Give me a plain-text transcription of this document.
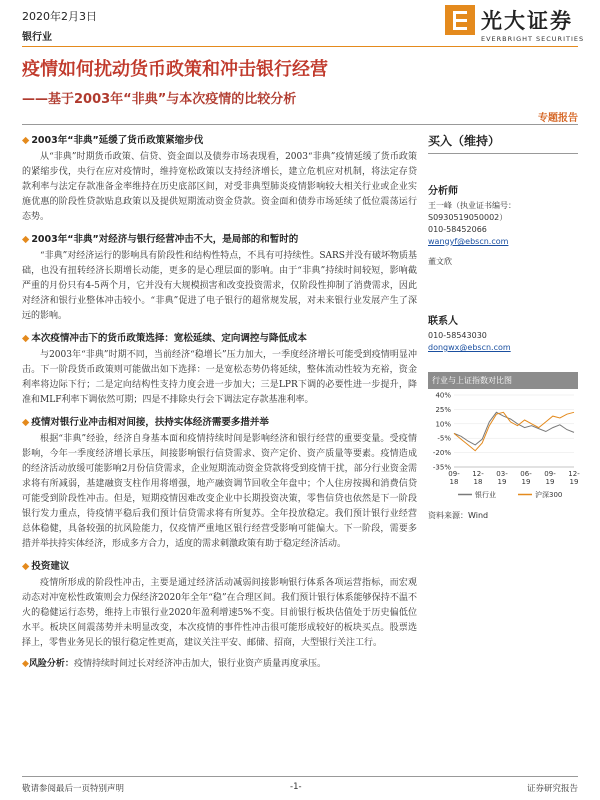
2020年2月3日
银行业
光大证券
EVERBRIGHT SECURITIES
疫情如何扰动货币政策和冲击银行经营
——基于2003年“非典”与本次疫情的比较分析
专题报告
◆ 2003年“非典”延缓了货币政策紧缩步伐

从“非典”时期货币政策、信贷、资金面以及债券市场表现看，2003“非典”疫情延缓了货币政策的紧缩步伐，央行在应对疫情时，维持宽松政策以支持经济增长，建立危机应对机制，将法定存贷款利率与法定存款准备金率维持在历史底部区间，对受非典型肺炎疫情影响较大相关行业或企业实施优惠的阶段性贷款贴息政策以及提供短期流动资金贷款。资金面和债券市场延续了低位震荡运行态势。

◆ 2003年“非典”对经济与银行经营冲击不大，是局部的和暂时的

“非典”对经济运行的影响具有阶段性和结构性特点，不具有可持续性。SARS并没有破坏物质基础，也没有扭转经济长期增长动能，更多的是心理层面的影响。由于“非典”持续时间较短，影响截严重的月份只有4-5两个月，它并没有大规模损害和改变投资需求，仅阶段性抑制了消费需求，因此对经济和银行业整体冲击较小。“非典”促进了电子银行的超常规发展，对未来银行业发展产生了深远的影响。

◆ 本次疫情冲击下的货币政策选择：宽松延续、定向调控与降低成本

与2003年“非典”时期不同，当前经济“稳增长”压力加大，一季度经济增长可能受到疫情明显冲击。下一阶段货币政策则可能做出如下选择：一是宽松态势仍将延续，整体流动性较为充裕，资金利率将边际下行；二是定向结构性支持力度会进一步加大；三是LPR下调的必要性进一步提升，降准和MLF利率下调依然可期；四是不排除央行会下调法定存款基准利率。

◆ 疫情对银行业冲击相对间接，扶持实体经济需要多措并举

根据“非典”经验，经济自身基本面和疫情持续时间是影响经济和银行经营的重要变量。受疫情影响，今年一季度经济增长承压，间接影响银行信贷需求、资产定价、资产质量等要素。疫情造成的经济活动放缓可能影响2月份信贷需求，企业短期流动资金贷款将受到疫情干扰，部分行业资金需求将有所减弱，基建融资支柱作用将增强，地产融资调节回收全年盘中；个人住房按揭和消费信贷可能受到阶段性冲击。但是，短期疫情因难改变企业中长期投资决策，零售信贷也依然是下一阶段银行发力重点，待疫情平稳后我们预计信贷需求将有所复苏。全年投放稳定。我们预计银行业经营总体稳健，具备较强的抗风险能力，仅疫情严重地区银行经营受影响可能偏大。下一阶段，需要多措并举扶持实体经济，形成多方合力，适度的需求刺激政策有助于稳定经济活动。

◆ 投资建议

疫情所形成的阶段性冲击，主要是通过经济活动减弱间接影响银行体系各项运营指标，而宏观动态对冲宽松性政策则会力保经济2020年全年“稳”在合理区间。我们预计银行体系能够保持不温不火的稳健运行态势，维持上市银行业2020年盈利增速5%不变。目前银行板块估值处于历史偏低位水平。板块区间震荡势并未明显改变，本次疫情的事件性冲击很可能形成较好的板块买点。股票选择上，零售业务见长的银行稳定性更高，建议关注平安、邮储、招商，大型银行关注工行。

◆风险分析：疫情持续时间过长对经济冲击加大，银行业资产质量再度承压。

买入（维持）
分析师
王一峰（执业证书编号：S0930519050002）
010-58452066
wangyf@ebscn.com
董文欣
联系人
010-58543030
dongwx@ebscn.com
行业与上证指数对比图
40%
25%
10%
-5%
-20%
-35%
09-
18
12-
18
03-
19
06-
19
09-
19
12-
19
银行业	沪深300
资料来源：Wind
敬请参阅最后一页特别声明	-1-	证券研究报告
